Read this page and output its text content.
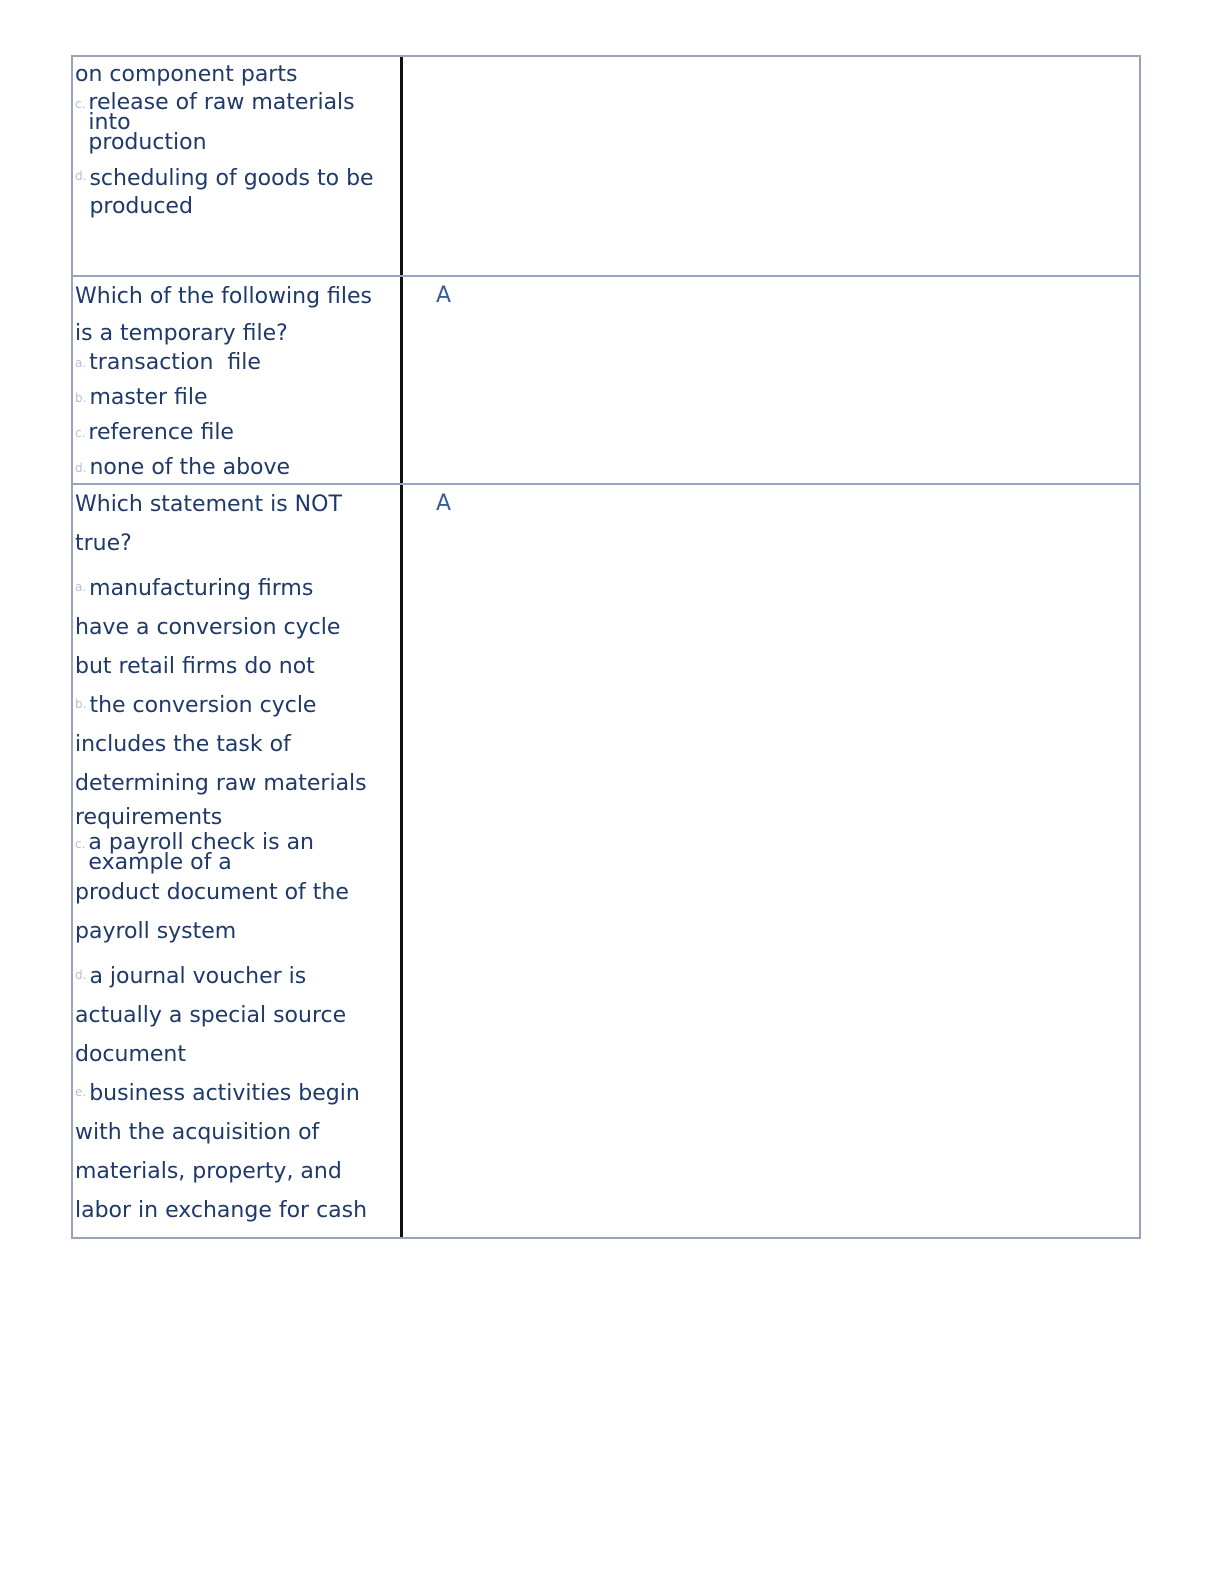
on component parts
c. release of raw materials into
production
d. scheduling of goods to be
produced
Which of the following files
is a temporary file?
a. transaction  file
b. master file
c. reference file
d. none of the above
A
Which statement is NOT
true?
a. manufacturing firms
have a conversion cycle
but retail firms do not
b. the conversion cycle
includes the task of
determining raw materials
requirements
c. a payroll check is an
example of a
product document of the
payroll system
d. a journal voucher is
actually a special source
document
e. business activities begin
with the acquisition of
materials, property, and
labor in exchange for cash
A
